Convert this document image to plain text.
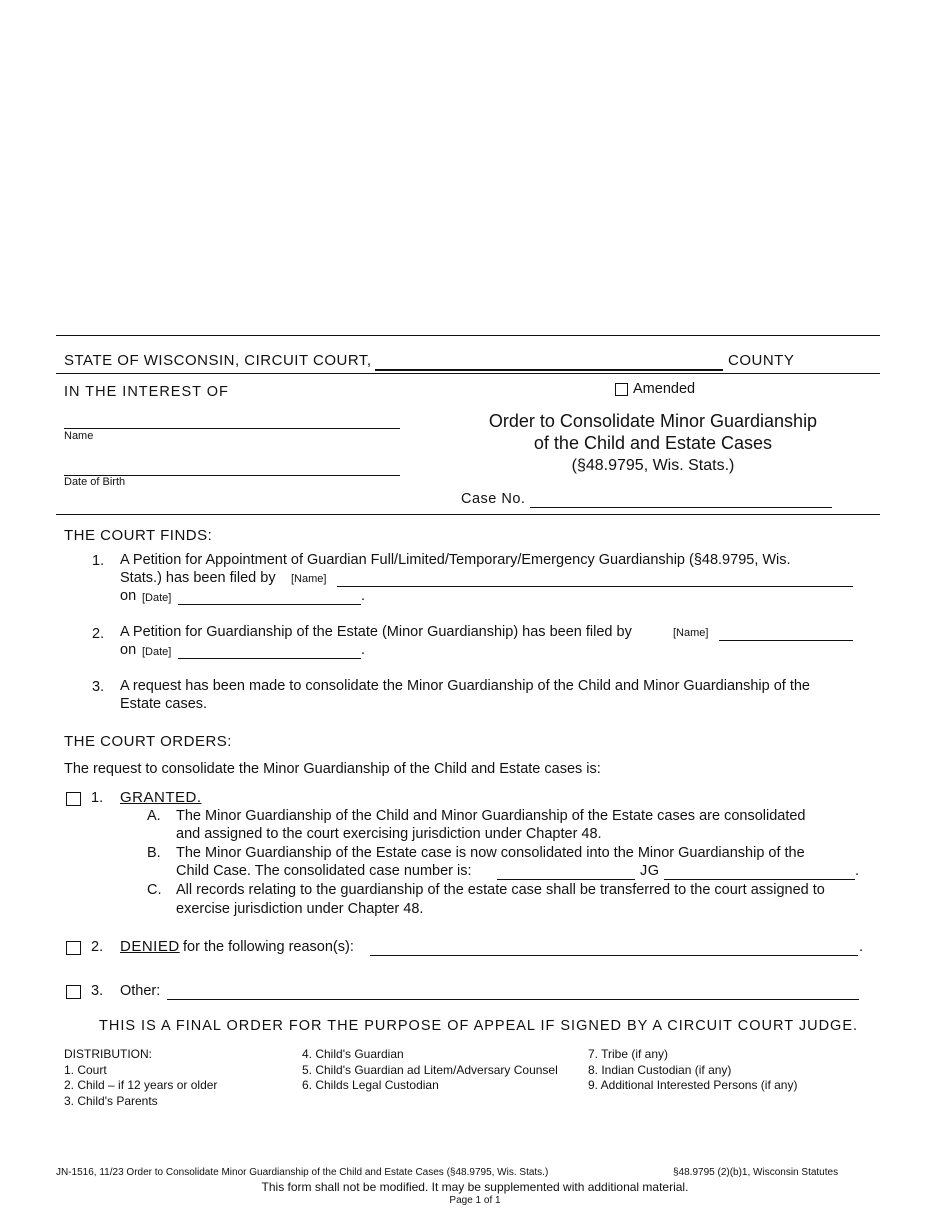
STATE OF WISCONSIN, CIRCUIT COURT,	COUNTY
IN THE INTEREST OF	Amended
Name
Date of Birth
Order to Consolidate Minor Guardianship
of the Child and Estate Cases
(§48.9795, Wis. Stats.)
Case No.
THE COURT FINDS:
1. A Petition for Appointment of Guardian Full/Limited/Temporary/Emergency Guardianship (§48.9795, Wis.
Stats.) has been filed by [Name]
on [Date]	.
2. A Petition for Guardianship of the Estate (Minor Guardianship) has been filed by	[Name]
on [Date]	.
3. A request has been made to consolidate the Minor Guardianship of the Child and Minor Guardianship of the
Estate cases.
THE COURT ORDERS:
The request to consolidate the Minor Guardianship of the Child and Estate cases is:
1. GRANTED.
A. The Minor Guardianship of the Child and Minor Guardianship of the Estate cases are consolidated
and assigned to the court exercising jurisdiction under Chapter 48.
B. The Minor Guardianship of the Estate case is now consolidated into the Minor Guardianship of the
Child Case. The consolidated case number is:	JG	.
C. All records relating to the guardianship of the estate case shall be transferred to the court assigned to
exercise jurisdiction under Chapter 48.
2. DENIED for the following reason(s):	.
3. Other:
THIS IS A FINAL ORDER FOR THE PURPOSE OF APPEAL IF SIGNED BY A CIRCUIT COURT JUDGE.
DISTRIBUTION:
1. Court
2. Child – if 12 years or older
3. Child's Parents
4. Child's Guardian
5. Child's Guardian ad Litem/Adversary Counsel
6. Childs Legal Custodian
7. Tribe (if any)
8. Indian Custodian (if any)
9. Additional Interested Persons (if any)
JN-1516, 11/23 Order to Consolidate Minor Guardianship of the Child and Estate Cases (§48.9795, Wis. Stats.)	§48.9795 (2)(b)1, Wisconsin Statutes
This form shall not be modified. It may be supplemented with additional material.
Page 1 of 1
